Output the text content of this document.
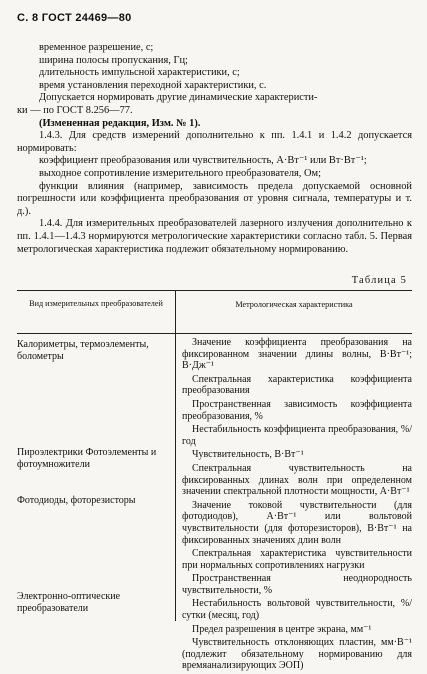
С. 8 ГОСТ 24469—80

временное разрешение, с;

ширина полосы пропускания, Гц;

длительность импульсной характеристики, с;

время установления переходной характеристики, с.

Допускается нормировать другие динамические характеристи-

ки — по ГОСТ 8.256—77.

(Измененная редакция, Изм. № 1).

1.4.3. Для средств измерений дополнительно к пп. 1.4.1 и 1.4.2 допускается нормировать:

коэффициент преобразования или чувствительность, А·Вт⁻¹ или Вт·Вт⁻¹;

выходное сопротивление измерительного преобразователя, Ом;

функции влияния (например, зависимость предела допускаемой основной погрешности или коэффициента преобразования от уровня сигнала, температуры и т. д.).

1.4.4. Для измерительных преобразователей лазерного излучения дополнительно к пп. 1.4.1—1.4.3 нормируются метрологические характеристики согласно табл. 5. Первая метрологическая характеристика подлежит обязательному нормированию.

Таблица 5
Вид измерительных преобразователей	Метрологическая характеристика
Калориметры, термоэлементы, болометры
Пироэлектрики Фотоэлементы и фотоумножители
Фотодиоды, фоторезисторы
Электронно-оптические преобразователи

Значение коэффициента преобразования на фиксированном значении длины волны, В·Вт⁻¹; В·Дж⁻¹

Спектральная характеристика коэффициента преобразования

Пространственная зависимость коэффициента преобразования, %

Нестабильность коэффициента преобразования, %/год

Чувствительность, В·Вт⁻¹

Спектральная чувствительность на фиксированных длинах волн при определенном значении спектральной плотности мощности, А·Вт⁻¹

Значение токовой чувствительности (для фотодиодов), А·Вт⁻¹ или вольтовой чувствительности (для фоторезисторов), В·Вт⁻¹ на фиксированных значениях длин волн

Спектральная характеристика чувствительности при нормальных сопротивлениях нагрузки

Пространственная неоднородность чувствительности, %

Нестабильность вольтовой чувствительности, %/сутки (месяц, год)

Предел разрешения в центре экрана, мм⁻¹

Чувствительность отклоняющих пластин, мм·В⁻¹ (подлежит обязательному нормированию для времяанализирующих ЭОП)
